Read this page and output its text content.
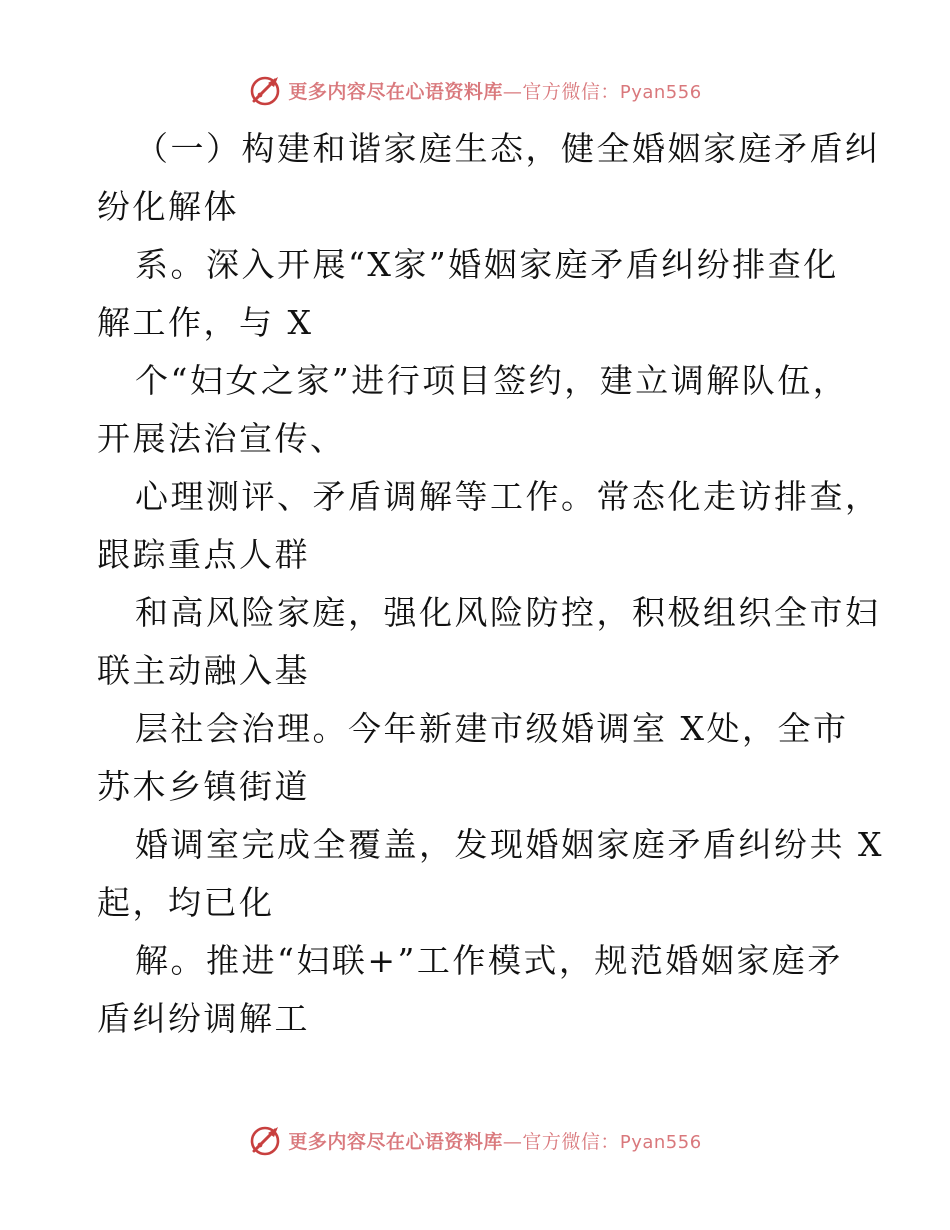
更多内容尽在心语资料库—官方微信：Pyan556
（一）构建和谐家庭生态，健全婚姻家庭矛盾纠
纷化解体
系。深入开展“X家”婚姻家庭矛盾纠纷排查化
解工作，与 X
个“妇女之家”进行项目签约，建立调解队伍，
开展法治宣传、
心理测评、矛盾调解等工作。常态化走访排查，
跟踪重点人群
和高风险家庭，强化风险防控，积极组织全市妇
联主动融入基
层社会治理。今年新建市级婚调室 X处，全市
苏木乡镇街道
婚调室完成全覆盖，发现婚姻家庭矛盾纠纷共 X
起，均已化
解。推进“妇联+”工作模式，规范婚姻家庭矛
盾纠纷调解工
更多内容尽在心语资料库—官方微信：Pyan556
